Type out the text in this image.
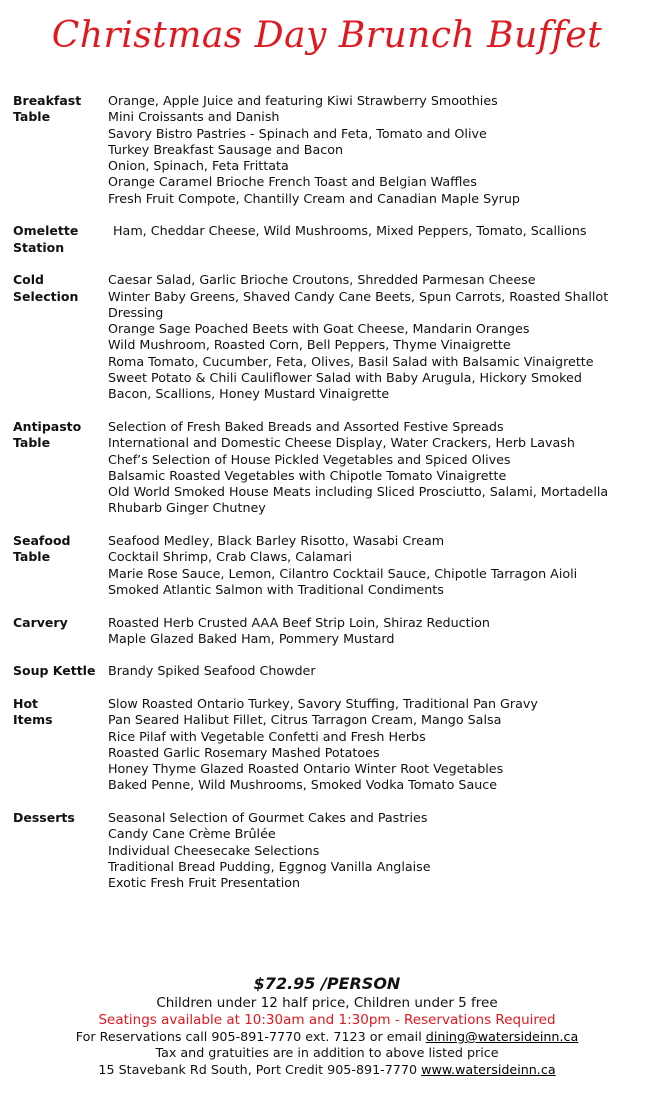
Christmas Day Brunch Buffet
Breakfast
Table
Orange, Apple Juice and featuring Kiwi Strawberry Smoothies
Mini Croissants and Danish
Savory Bistro Pastries - Spinach and Feta, Tomato and Olive
Turkey Breakfast Sausage and Bacon
Onion, Spinach, Feta Frittata
Orange Caramel Brioche French Toast and Belgian Waffles
Fresh Fruit Compote, Chantilly Cream and Canadian Maple Syrup
Omelette
Station
Ham, Cheddar Cheese, Wild Mushrooms, Mixed Peppers, Tomato, Scallions
Cold
Selection
Caesar Salad, Garlic Brioche Croutons, Shredded Parmesan Cheese
Winter Baby Greens, Shaved Candy Cane Beets, Spun Carrots, Roasted Shallot
Dressing
Orange Sage Poached Beets with Goat Cheese, Mandarin Oranges
Wild Mushroom, Roasted Corn, Bell Peppers, Thyme Vinaigrette
Roma Tomato, Cucumber, Feta, Olives, Basil Salad with Balsamic Vinaigrette
Sweet Potato & Chili Cauliflower Salad with Baby Arugula, Hickory Smoked
Bacon, Scallions, Honey Mustard Vinaigrette
Antipasto
Table
Selection of Fresh Baked Breads and Assorted Festive Spreads
International and Domestic Cheese Display, Water Crackers, Herb Lavash
Chef’s Selection of House Pickled Vegetables and Spiced Olives
Balsamic Roasted Vegetables with Chipotle Tomato Vinaigrette
Old World Smoked House Meats including Sliced Prosciutto, Salami, Mortadella
Rhubarb Ginger Chutney
Seafood
Table
Seafood Medley, Black Barley Risotto, Wasabi Cream
Cocktail Shrimp, Crab Claws, Calamari
Marie Rose Sauce, Lemon, Cilantro Cocktail Sauce, Chipotle Tarragon Aioli
Smoked Atlantic Salmon with Traditional Condiments
Carvery	Roasted Herb Crusted AAA Beef Strip Loin, Shiraz Reduction
Maple Glazed Baked Ham, Pommery Mustard
Soup Kettle Brandy Spiked Seafood Chowder
Hot
Items
Slow Roasted Ontario Turkey, Savory Stuffing, Traditional Pan Gravy
Pan Seared Halibut Fillet, Citrus Tarragon Cream, Mango Salsa
Rice Pilaf with Vegetable Confetti and Fresh Herbs
Roasted Garlic Rosemary Mashed Potatoes
Honey Thyme Glazed Roasted Ontario Winter Root Vegetables
Baked Penne, Wild Mushrooms, Smoked Vodka Tomato Sauce
Desserts	Seasonal Selection of Gourmet Cakes and Pastries
Candy Cane Crème Brûlée
Individual Cheesecake Selections
Traditional Bread Pudding, Eggnog Vanilla Anglaise
Exotic Fresh Fruit Presentation
$72.95 /PERSON
Children under 12 half price, Children under 5 free
Seatings available at 10:30am and 1:30pm - Reservations Required
For Reservations call 905-891-7770 ext. 7123 or email dining@watersideinn.ca
Tax and gratuities are in addition to above listed price
15 Stavebank Rd South, Port Credit 905-891-7770 www.watersideinn.ca
